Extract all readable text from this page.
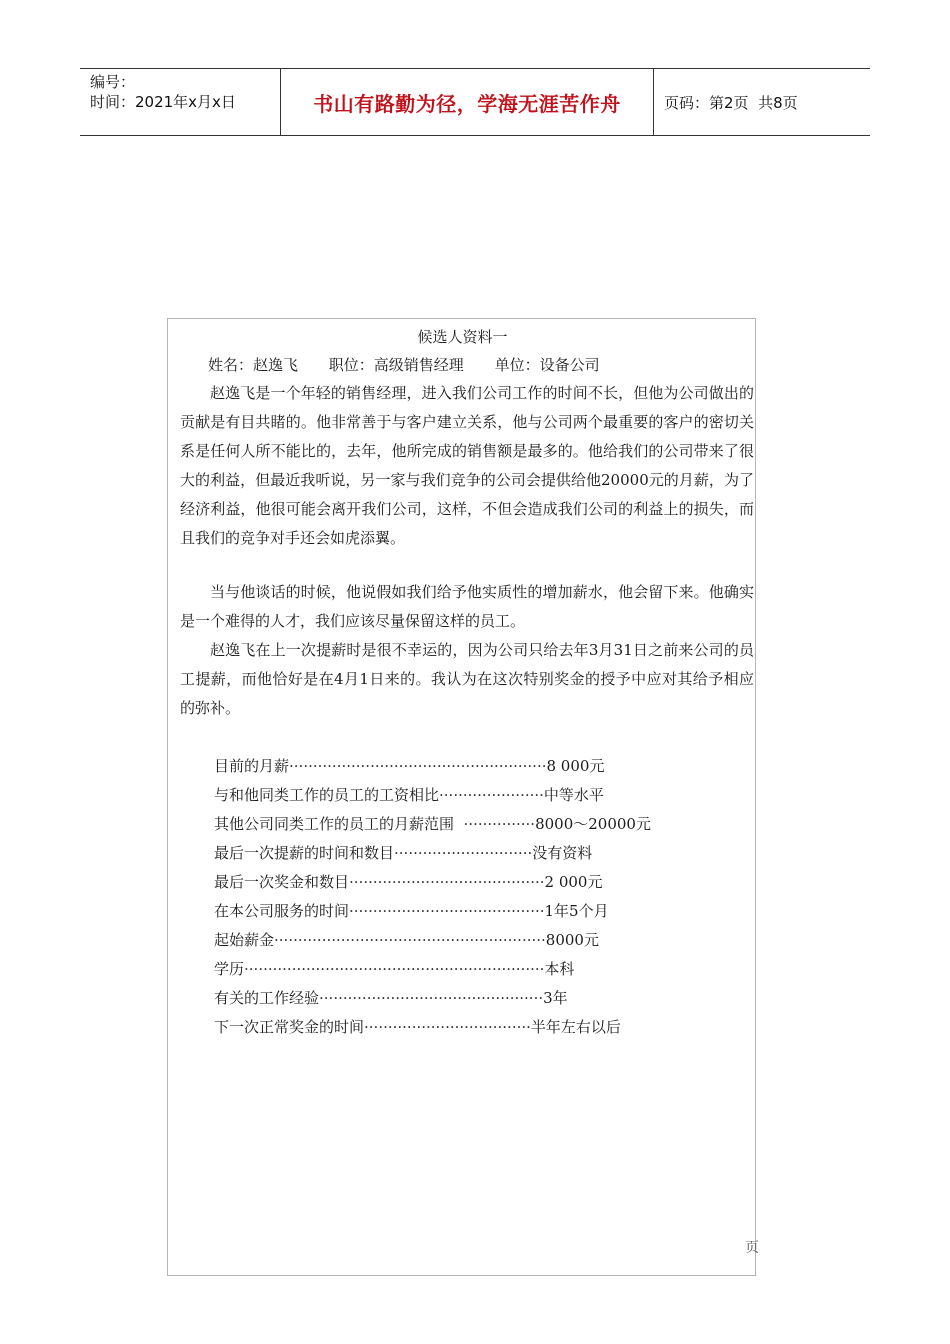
编号：
时间：2021年x月x日	书山有路勤为径，学海无涯苦作舟	页码：第2页  共8页
候选人资料一
姓名：赵逸飞 职位：高级销售经理 单位：设备公司

赵逸飞是一个年轻的销售经理，进入我们公司工作的时间不长，但他为公司做出的贡献是有目共睹的。他非常善于与客户建立关系，他与公司两个最重要的客户的密切关系是任何人所不能比的，去年，他所完成的销售额是最多的。他给我们的公司带来了很大的利益，但最近我听说，另一家与我们竞争的公司会提供给他20000元的月薪，为了经济利益，他很可能会离开我们公司，这样，不但会造成我们公司的利益上的损失，而且我们的竞争对手还会如虎添翼。

当与他谈话的时候，他说假如我们给予他实质性的增加薪水，他会留下来。他确实是一个难得的人才，我们应该尽量保留这样的员工。

赵逸飞在上一次提薪时是很不幸运的，因为公司只给去年3月31日之前来公司的员工提薪，而他恰好是在4月1日来的。我认为在这次特别奖金的授予中应对其给予相应的弥补。

目前的月薪 ······················································ 8 000元
与和他同类工作的员工的工资相比 ······················ 中等水平
其他公司同类工作的员工的月薪范围 ··············· 8000～20000元
最后一次提薪的时间和数目 ····························· 没有资料
最后一次奖金和数目 ········································· 2 000元
在本公司服务的时间 ········································· 1年5个月
起始薪金 ························································· 8000元
学历 ······························································· 本科
有关的工作经验 ··············································· 3年
下一次正常奖金的时间 ··································· 半年左右以后
页
